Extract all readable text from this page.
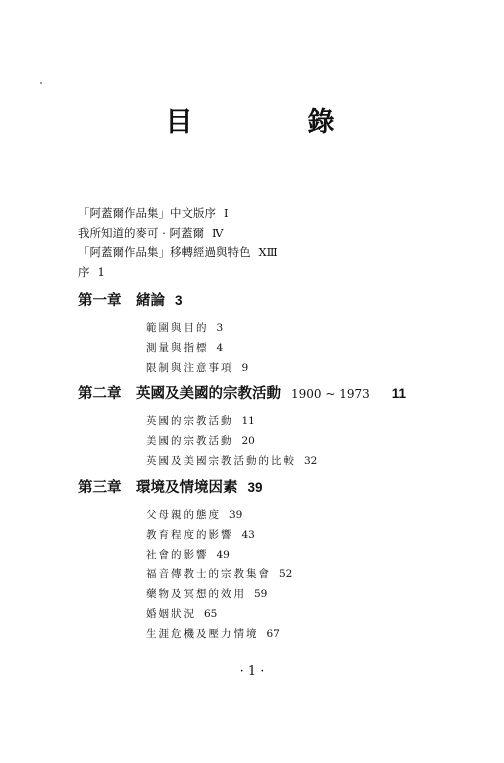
目　錄
「阿蓋爾作品集」中文版序 I
我所知道的麥可 · 阿蓋爾 Ⅳ
「阿蓋爾作品集」移轉經過與特色 ⅩⅢ
序 1
第一章 緒論 3
範圍與目的 3
測量與指標 4
限制與注意事項 9
第二章 英國及美國的宗教活動 1900 ~ 1973 11
英國的宗教活動 11
美國的宗教活動 20
英國及美國宗教活動的比較 32
第三章 環境及情境因素 39
父母親的態度 39
教育程度的影響 43
社會的影響 49
福音傳教士的宗教集會 52
藥物及冥想的效用 59
婚姻狀況 65
生涯危機及壓力情境 67
· 1 ·
